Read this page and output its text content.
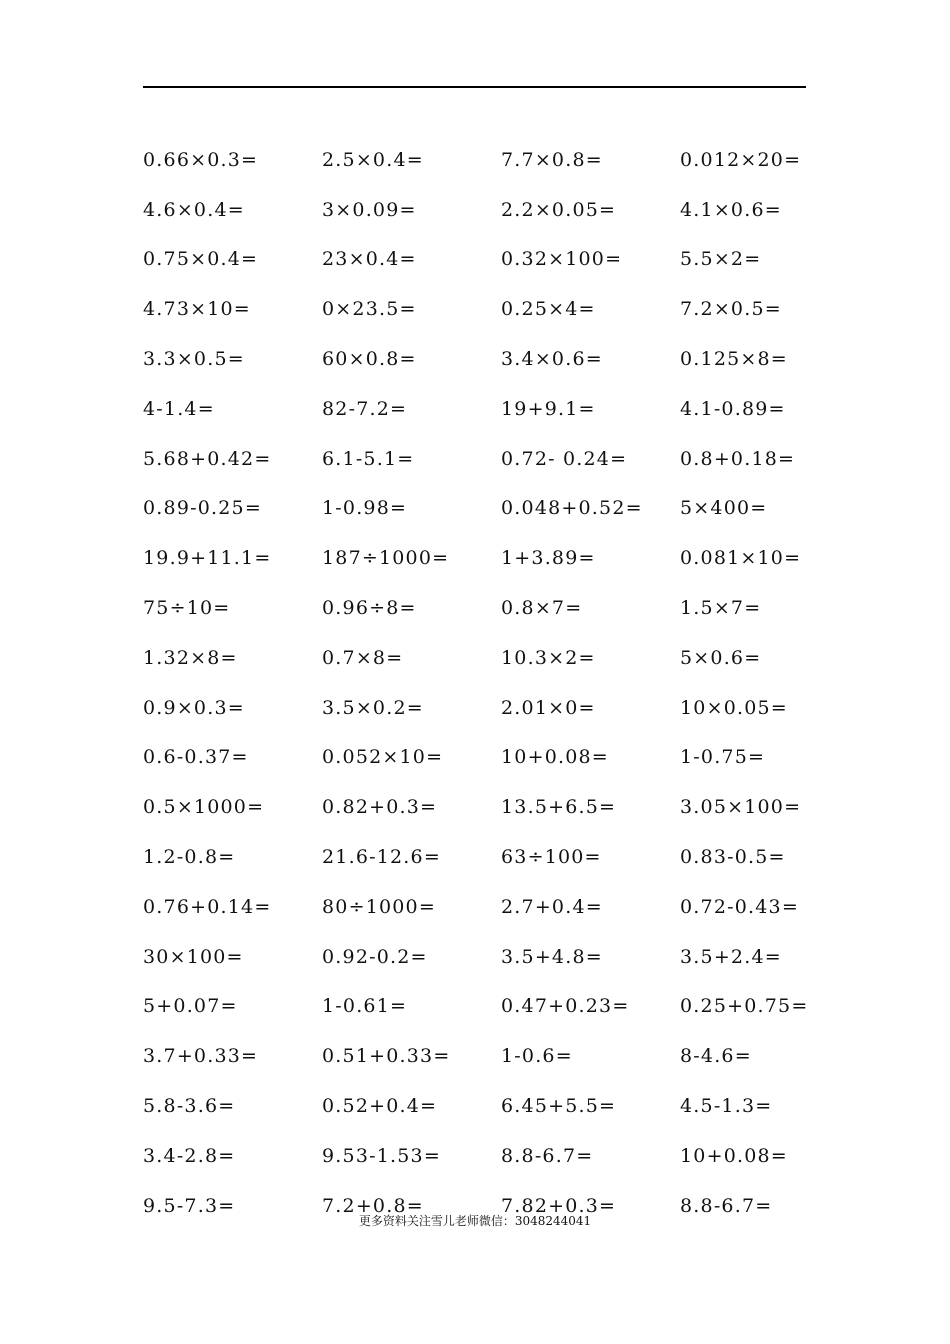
0.66×0.3=	2.5×0.4=	7.7×0.8=	0.012×20=
4.6×0.4=	3×0.09=	2.2×0.05=	4.1×0.6=
0.75×0.4=	23×0.4=	0.32×100=	5.5×2=
4.73×10=	0×23.5=	0.25×4=	7.2×0.5=
3.3×0.5=	60×0.8=	3.4×0.6=	0.125×8=
4-1.4=	82-7.2=	19+9.1=	4.1-0.89=
5.68+0.42=	6.1-5.1=	0.72- 0.24=	0.8+0.18=
0.89-0.25=	1-0.98=	0.048+0.52=	5×400=
19.9+11.1=	187÷1000=	1+3.89=	0.081×10=
75÷10=	0.96÷8=	0.8×7=	1.5×7=
1.32×8=	0.7×8=	10.3×2=	5×0.6=
0.9×0.3=	3.5×0.2=	2.01×0=	10×0.05=
0.6-0.37=	0.052×10=	10+0.08=	1-0.75=
0.5×1000=	0.82+0.3=	13.5+6.5=	3.05×100=
1.2-0.8=	21.6-12.6=	63÷100=	0.83-0.5=
0.76+0.14=	80÷1000=	2.7+0.4=	0.72-0.43=
30×100=	0.92-0.2=	3.5+4.8=	3.5+2.4=
5+0.07=	1-0.61=	0.47+0.23=	0.25+0.75=
3.7+0.33=	0.51+0.33=	1-0.6=	8-4.6=
5.8-3.6=	0.52+0.4=	6.45+5.5=	4.5-1.3=
3.4-2.8=	9.53-1.53=	8.8-6.7=	10+0.08=
9.5-7.3=	7.2+0.8=	7.82+0.3=	8.8-6.7=
更多资料关注雪儿老师微信：3048244041
